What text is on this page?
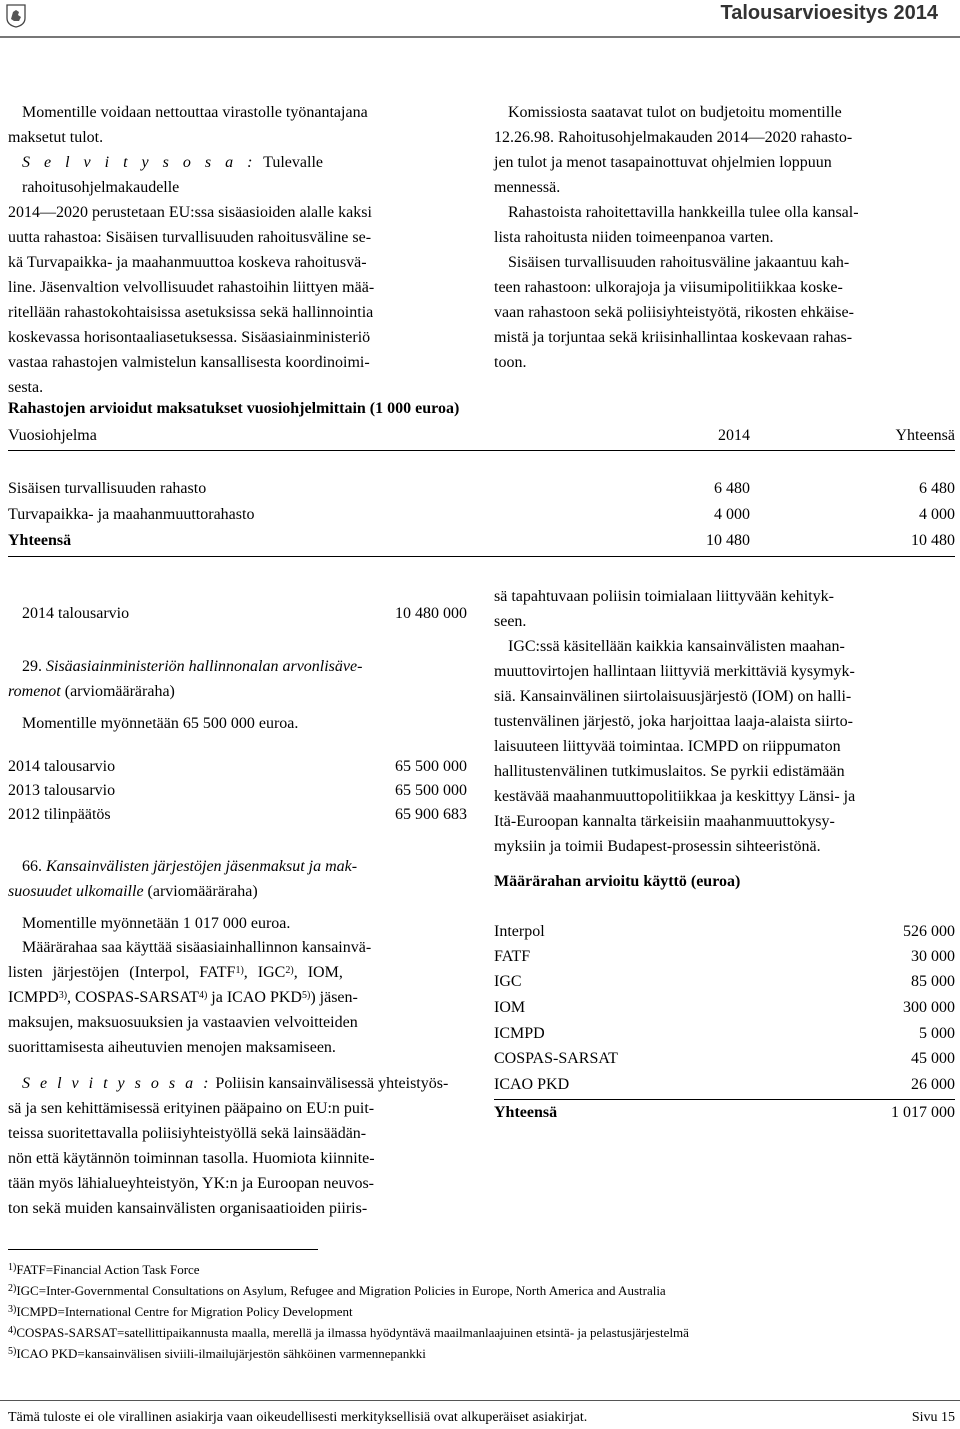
Talousarvioesitys 2014

Momentille voidaan nettouttaa virastolle työnantajana

maksetut tulot.

S e l v i t y s o s a : Tulevalle rahoitusohjelmakaudelle

2014—2020 perustetaan EU:ssa sisäasioiden alalle kaksi

uutta rahastoa: Sisäisen turvallisuuden rahoitusväline se-

kä Turvapaikka- ja maahanmuuttoa koskeva rahoitusvä-

line. Jäsenvaltion velvollisuudet rahastoihin liittyen mää-

ritellään rahastokohtaisissa asetuksissa sekä hallinnointia

koskevassa horisontaaliasetuksessa. Sisäasiainministeriö

vastaa rahastojen valmistelun kansallisesta koordinoimi-

sesta.

Komissiosta saatavat tulot on budjetoitu momentille

12.26.98. Rahoitusohjelmakauden 2014—2020 rahasto-

jen tulot ja menot tasapainottuvat ohjelmien loppuun

mennessä.

Rahastoista rahoitettavilla hankkeilla tulee olla kansal-

lista rahoitusta niiden toimeenpanoa varten.

Sisäisen turvallisuuden rahoitusväline jakaantuu kah-

teen rahastoon: ulkorajoja ja viisumipolitiikkaa koske-

vaan rahastoon sekä poliisiyhteistyötä, rikosten ehkäise-

mistä ja torjuntaa sekä kriisinhallintaa koskevaan rahas-

toon.

Rahastojen arvioidut maksatukset vuosiohjelmittain (1 000 euroa)
Vuosiohjelma	2014	Yhteensä
Sisäisen turvallisuuden rahasto	6 480	6 480
Turvapaikka- ja maahanmuuttorahasto	4 000	4 000
Yhteensä	10 480	10 480
2014 talousarvio	10 480 000

29. Sisäasiainministeriön hallinnonalan arvonlisäve-

romenot (arviomääräraha)

Momentille myönnetään 65 500 000 euroa.
2014 talousarvio	65 500 000
2013 talousarvio	65 500 000
2012 tilinpäätös	65 900 683

66. Kansainvälisten järjestöjen jäsenmaksut ja mak-

suosuudet ulkomaille (arviomääräraha)

Momentille myönnetään 1 017 000 euroa.

Määrärahaa saa käyttää sisäasiainhallinnon kansainvä-

listen järjestöjen (Interpol, FATF$^{1)}$, IGC$^{2)}$, IOM,

ICMPD$^{3)}$, COSPAS-SARSAT$^{4)}$ ja ICAO PKD$^{5)}$) jäsen-

maksujen, maksuosuuksien ja vastaavien velvoitteiden

suorittamisesta aiheutuvien menojen maksamiseen.

S e l v i t y s o s a : Poliisin kansainvälisessä yhteistyös-

sä ja sen kehittämisessä erityinen pääpaino on EU:n puit-

teissa suoritettavalla poliisiyhteistyöllä sekä lainsäädän-

nön että käytännön toiminnan tasolla. Huomiota kiinnite-

tään myös lähialueyhteistyön, YK:n ja Euroopan neuvos-

ton sekä muiden kansainvälisten organisaatioiden piiris-

sä tapahtuvaan poliisin toimialaan liittyvään kehityk-

seen.

IGC:ssä käsitellään kaikkia kansainvälisten maahan-

muuttovirtojen hallintaan liittyviä merkittäviä kysymyk-

siä. Kansainvälinen siirtolaisuusjärjestö (IOM) on halli-

tustenvälinen järjestö, joka harjoittaa laaja-alaista siirto-

laisuuteen liittyvää toimintaa. ICMPD on riippumaton

hallitustenvälinen tutkimuslaitos. Se pyrkii edistämään

kestävää maahanmuuttopolitiikkaa ja keskittyy Länsi- ja

Itä-Euroopan kannalta tärkeisiin maahanmuuttokysy-

myksiin ja toimii Budapest-prosessin sihteeristönä.

Määrärahan arvioitu käyttö (euroa)
Interpol	526 000
FATF	30 000
IGC	85 000
IOM	300 000
ICMPD	5 000
COSPAS-SARSAT	45 000
ICAO PKD	26 000
Yhteensä	1 017 000
$^{1)}$FATF=Financial Action Task Force
$^{2)}$IGC=Inter-Governmental Consultations on Asylum, Refugee and Migration Policies in Europe, North America and Australia
$^{3)}$ICMPD=International Centre for Migration Policy Development
$^{4)}$COSPAS-SARSAT=satellittipaikannusta maalla, merellä ja ilmassa hyödyntävä maailmanlaajuinen etsintä- ja pelastusjärjestelmä
$^{5)}$ICAO PKD=kansainvälisen siviili-ilmailujärjestön sähköinen varmennepankki
Tämä tuloste ei ole virallinen asiakirja vaan oikeudellisesti merkityksellisiä ovat alkuperäiset asiakirjat.	Sivu 15
